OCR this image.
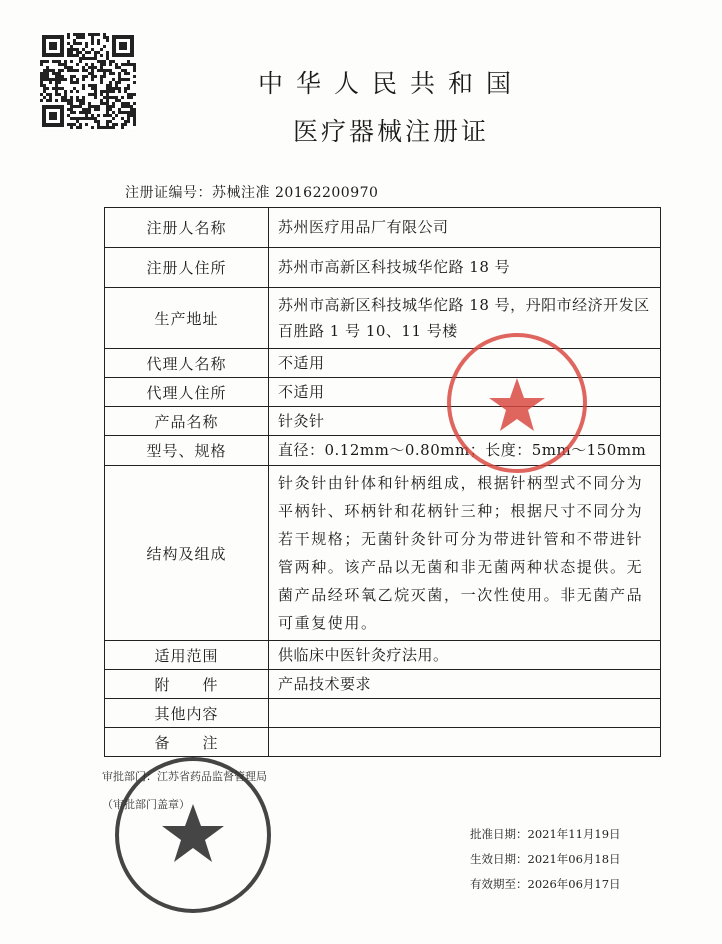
中华人民共和国
医疗器械注册证
注册证编号：苏械注准 20162200970
注册人名称	苏州医疗用品厂有限公司
注册人住所	苏州市高新区科技城华佗路 18 号
生产地址	苏州市高新区科技城华佗路 18 号，丹阳市经济开发区百胜路 1 号 10、11 号楼
代理人名称	不适用
代理人住所	不适用
产品名称	针灸针
型号、规格	直径：0.12mm～0.80mm；长度：5mm～150mm
结构及组成	针灸针由针体和针柄组成，根据针柄型式不同分为平柄针、环柄针和花柄针三种；根据尺寸不同分为若干规格；无菌针灸针可分为带进针管和不带进针管两种。该产品以无菌和非无菌两种状态提供。无菌产品经环氧乙烷灭菌，一次性使用。非无菌产品可重复使用。
适用范围	供临床中医针灸疗法用。
附　　件	产品技术要求
其他内容	
备　　注	
审批部门：江苏省药品监督管理局
（审批部门盖章）
批准日期：2021年11月19日
生效日期：2021年06月18日
有效期至：2026年06月17日
